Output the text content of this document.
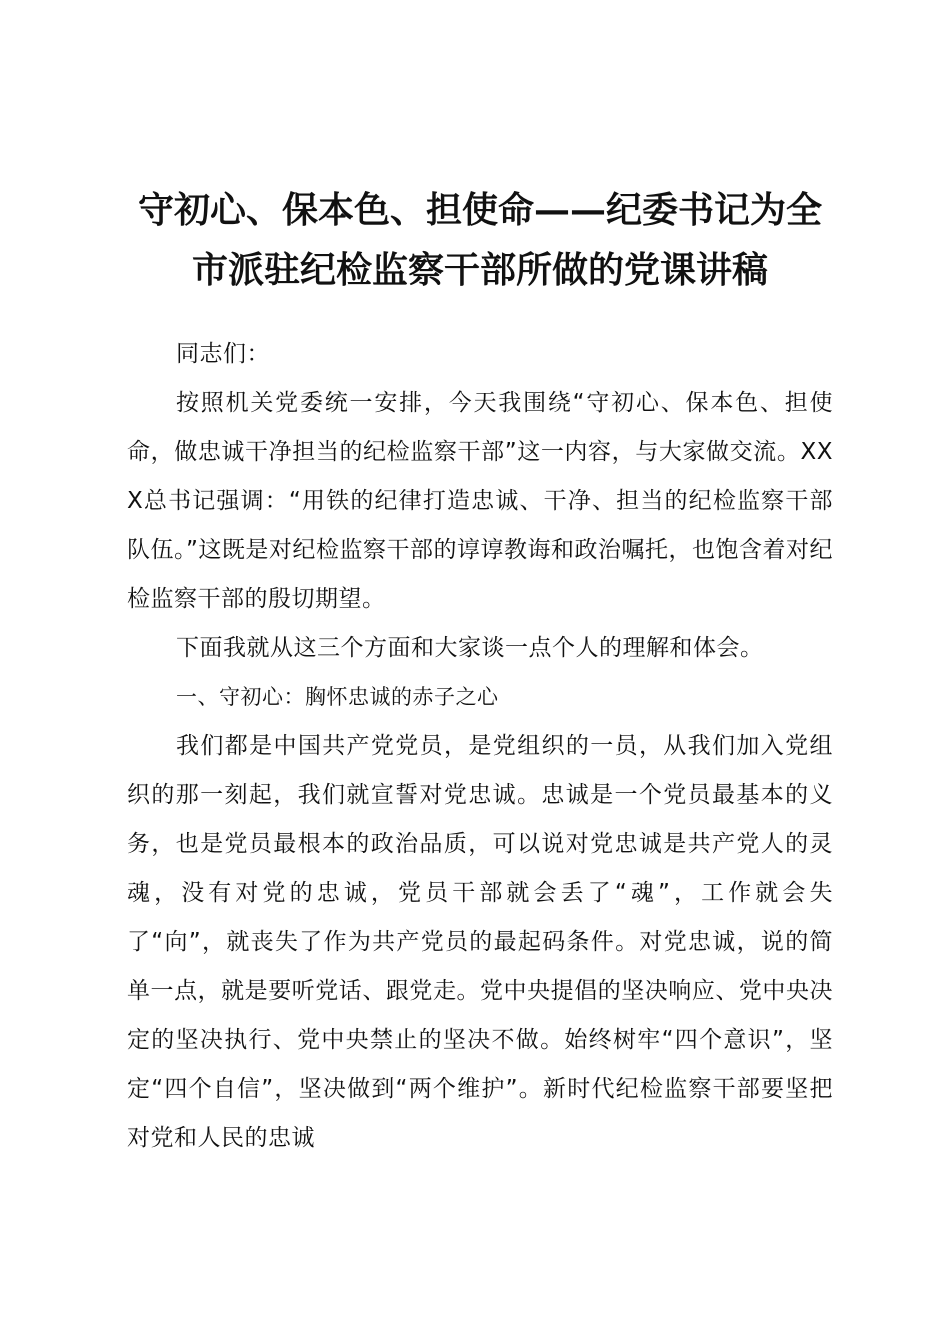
守初心、保本色、担使命——纪委书记为全市派驻纪检监察干部所做的党课讲稿

同志们：

按照机关党委统一安排，今天我围绕“守初心、保本色、担使命，做忠诚干净担当的纪检监察干部”这一内容，与大家做交流。XXX总书记强调：“用铁的纪律打造忠诚、干净、担当的纪检监察干部队伍。”这既是对纪检监察干部的谆谆教诲和政治嘱托，也饱含着对纪检监察干部的殷切期望。

下面我就从这三个方面和大家谈一点个人的理解和体会。

一、守初心：胸怀忠诚的赤子之心

我们都是中国共产党党员，是党组织的一员，从我们加入党组织的那一刻起，我们就宣誓对党忠诚。忠诚是一个党员最基本的义务，也是党员最根本的政治品质，可以说对党忠诚是共产党人的灵魂，没有对党的忠诚，党员干部就会丢了“魂”，工作就会失了“向”，就丧失了作为共产党员的最起码条件。对党忠诚，说的简单一点，就是要听党话、跟党走。党中央提倡的坚决响应、党中央决定的坚决执行、党中央禁止的坚决不做。始终树牢“四个意识”，坚定“四个自信”，坚决做到“两个维护”。新时代纪检监察干部要坚把对党和人民的忠诚
